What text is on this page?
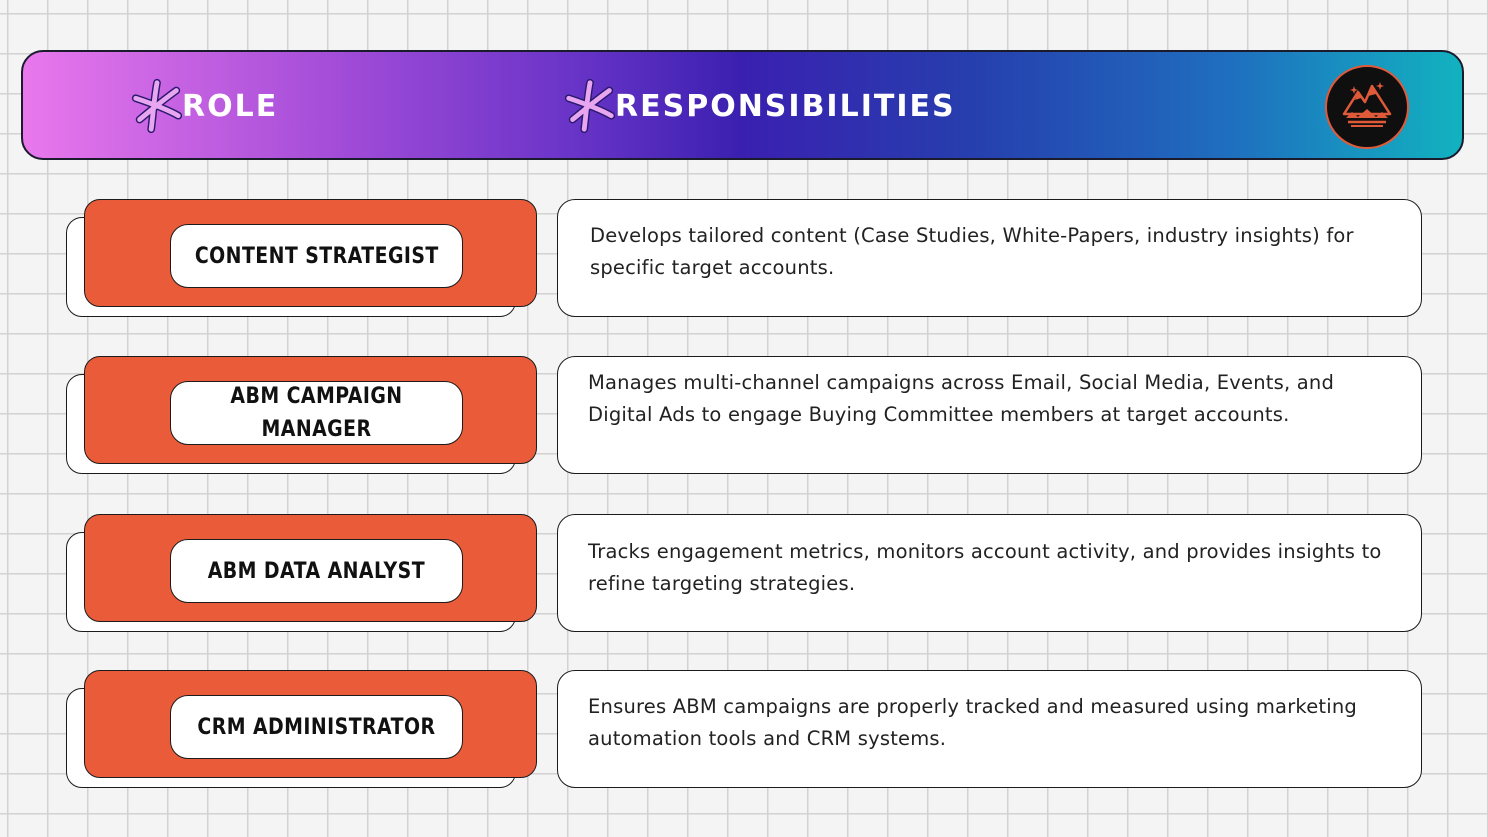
ROLE	RESPONSIBILITIES
CONTENT STRATEGIST
Develops tailored content (Case Studies, White-Papers, industry insights) for specific target accounts.
ABM CAMPAIGN MANAGER
Manages multi-channel campaigns across Email, Social Media, Events, and Digital Ads to engage Buying Committee members at target accounts.
ABM DATA ANALYST
Tracks engagement metrics, monitors account activity, and provides insights to refine targeting strategies.
CRM ADMINISTRATOR
Ensures ABM campaigns are properly tracked and measured using marketing automation tools and CRM systems.
